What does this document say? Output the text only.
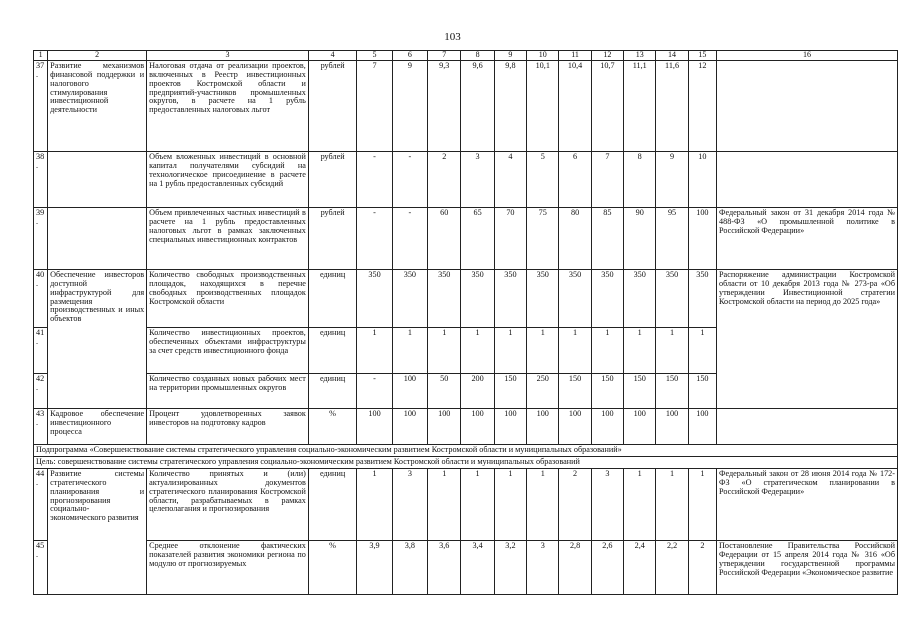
103
1	2	3	4	5	6	7	8	9	10	11	12	13	14	15	16
37.	Развитие механизмов финансовой поддержки и налогового стимулирования инвестиционной деятельности	Налоговая отдача от реализации проектов, включенных в Реестр инвестиционных проектов Костромской области и предприятий-участников промышленных округов, в расчете на 1 рубль предоставленных налоговых льгот	рублей	7	9	9,3	9,6	9,8	10,1	10,4	10,7	11,1	11,6	12	
38.		Объем вложенных инвестиций в основной капитал получателями субсидий на технологическое присоединение в расчете на 1 рубль предоставленных субсидий	рублей	-	-	2	3	4	5	6	7	8	9	10	
39.		Объем привлеченных частных инвестиций в расчете на 1 рубль предоставленных налоговых льгот в рамках заключенных специальных инвестиционных контрактов	рублей	-	-	60	65	70	75	80	85	90	95	100	Федеральный закон от 31 декабря 2014 года № 488-ФЗ «О промышленной политике в Российской Федерации»
40.	Обеспечение инвесторов доступной инфраструктурой для размещения производственных и иных объектов	Количество свободных производственных площадок, находящихся в перечне свободных производственных площадок Костромской области	единиц	350	350	350	350	350	350	350	350	350	350	350	Распоряжение администрации Костромской области от 10 декабря 2013 года № 273-ра «Об утверждении Инвестиционной стратегии Костромской области на период до 2025 года»
41.		Количество инвестиционных проектов, обеспеченных объектами инфраструктуры за счет средств инвестиционного фонда	единиц	1	1	1	1	1	1	1	1	1	1	1	
42.		Количество созданных новых рабочих мест на территории промышленных округов	единиц	-	100	50	200	150	250	150	150	150	150	150	
43.	Кадровое обеспечение инвестиционного процесса	Процент удовлетворенных заявок инвесторов на подготовку кадров	%	100	100	100	100	100	100	100	100	100	100	100	
Подпрограмма «Совершенствование системы стратегического управления социально-экономическим развитием Костромской области и муниципальных образований»															
Цель: совершенствование системы стратегического управления социально-экономическим развитием Костромской области и муниципальных образований															
44.	Развитие системы стратегического планирования и прогнозирования социально-экономического развития	Количество принятых и (или) актуализированных документов стратегического планирования Костромской области, разрабатываемых в рамках целеполагания и прогнозирования	единиц	1	3	1	1	1	1	2	3	1	1	1	Федеральный закон от 28 июня 2014 года № 172-ФЗ «О стратегическом планировании в Российской Федерации»
45.		Среднее отклонение фактических показателей развития экономики региона по модулю от прогнозируемых	%	3,9	3,8	3,6	3,4	3,2	3	2,8	2,6	2,4	2,2	2	Постановление Правительства Российской Федерации от 15 апреля 2014 года № 316 «Об утверждении государственной программы Российской Федерации «Экономическое развитие
